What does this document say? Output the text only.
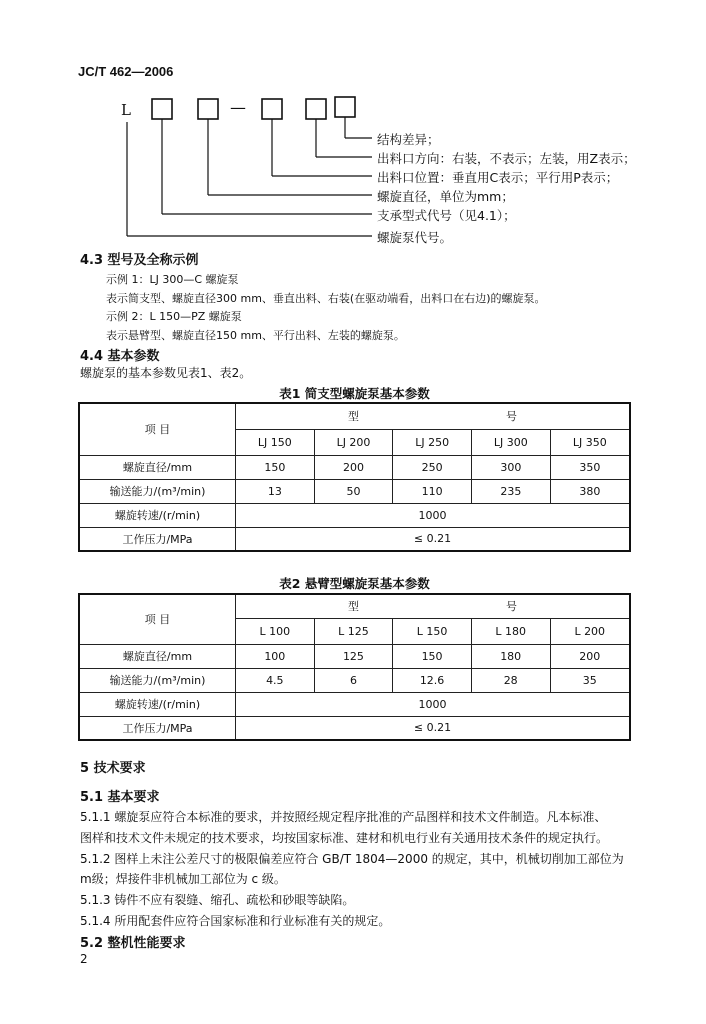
JC/T 462—2006
L	—
结构差异；
出料口方向：右装，不表示；左装，用Z表示；
出料口位置：垂直用C表示；平行用P表示；
螺旋直径，单位为mm；
支承型式代号（见4.1）；
螺旋泵代号。
4.3 型号及全称示例
示例 1：LJ 300—C 螺旋泵
表示简支型、螺旋直径300 mm、垂直出料、右装(在驱动端看，出料口在右边)的螺旋泵。
示例 2：L 150—PZ 螺旋泵
表示悬臂型、螺旋直径150 mm、平行出料、左装的螺旋泵。
4.4 基本参数
螺旋泵的基本参数见表1、表2。
表1 简支型螺旋泵基本参数
项 目	型 号				
	LJ 150	LJ 200	LJ 250	LJ 300	LJ 350
螺旋直径/mm	150	200	250	300	350
输送能力/(m³/min)	13	50	110	235	380
螺旋转速/(r/min)	1000				
工作压力/MPa	≤ 0.21				
表2 悬臂型螺旋泵基本参数
项 目	型 号				
	L 100	L 125	L 150	L 180	L 200
螺旋直径/mm	100	125	150	180	200
输送能力/(m³/min)	4.5	6	12.6	28	35
螺旋转速/(r/min)	1000				
工作压力/MPa	≤ 0.21				
5 技术要求
5.1 基本要求
5.1.1 螺旋泵应符合本标准的要求，并按照经规定程序批准的产品图样和技术文件制造。凡本标准、
图样和技术文件未规定的技术要求，均按国家标准、建材和机电行业有关通用技术条件的规定执行。
5.1.2 图样上未注公差尺寸的极限偏差应符合 GB/T 1804—2000 的规定，其中，机械切削加工部位为
m级；焊接件非机械加工部位为 c 级。
5.1.3 铸件不应有裂缝、缩孔、疏松和砂眼等缺陷。
5.1.4 所用配套件应符合国家标准和行业标准有关的规定。
5.2 整机性能要求
2
